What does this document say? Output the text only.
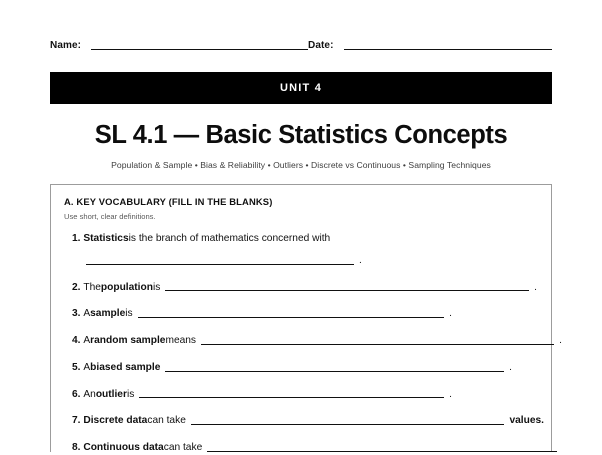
Name:	Date:
UNIT 4
SL 4.1 — Basic Statistics Concepts
Population & Sample • Bias & Reliability • Outliers • Discrete vs Continuous • Sampling Techniques
A. KEY VOCABULARY (FILL IN THE BLANKS)
Use short, clear definitions.
1.
Statistics is the branch of mathematics concerned with
.
2.
The population is	.
3.
A sample is	.
4.
A random sample means	.
5.
A biased sample	.
6.
An outlier is	.
7.
Discrete data can take	values.
8.
Continuous data can take
